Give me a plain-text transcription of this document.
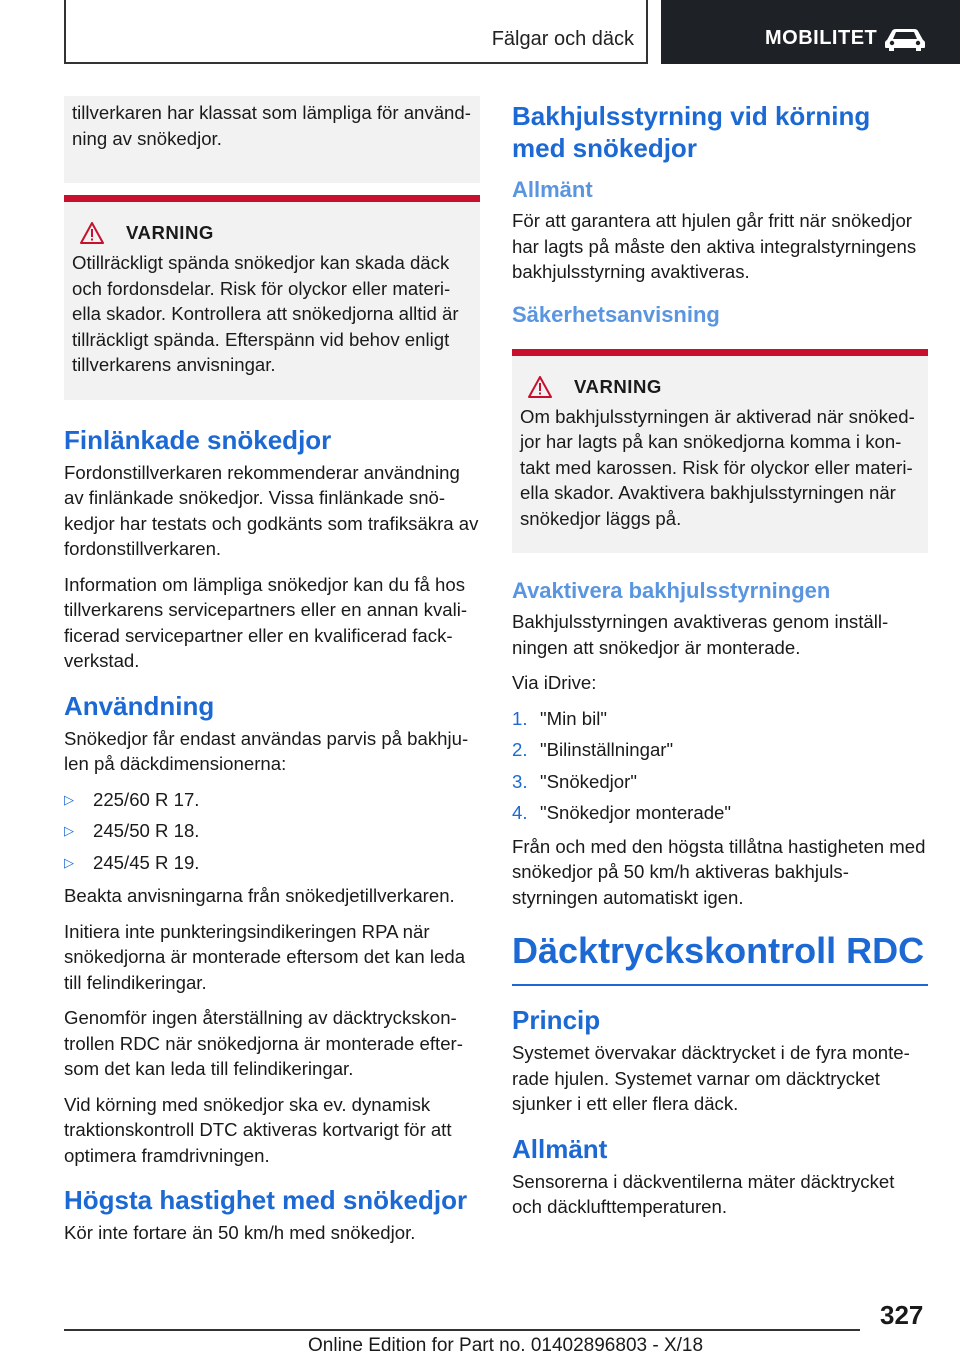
Fälgar och däck	MOBILITET

tillverkaren har klassat som lämpliga för använd-ning av snökedjor.

VARNING

Otillräckligt spända snökedjor kan skada däck och fordonsdelar. Risk för olyckor eller materi-ella skador. Kontrollera att snökedjorna alltid är tillräckligt spända. Efterspänn vid behov enligt tillverkarens anvisningar.

Finlänkade snökedjor

Fordonstillverkaren rekommenderar användning av finlänkade snökedjor. Vissa finlänkade snö-kedjor har testats och godkänts som trafiksäkra av fordonstillverkaren.

Information om lämpliga snökedjor kan du få hos tillverkarens servicepartners eller en annan kvali-ficerad servicepartner eller en kvalificerad fack-verkstad.

Användning

Snökedjor får endast användas parvis på bakhju-len på däckdimensionerna:

▷	225/60 R 17.
▷	245/50 R 18.
▷	245/45 R 19.

Beakta anvisningarna från snökedjetillverkaren.

Initiera inte punkteringsindikeringen RPA när snökedjorna är monterade eftersom det kan leda till felindikeringar.

Genomför ingen återställning av däcktryckskon-trollen RDC när snökedjorna är monterade efter-som det kan leda till felindikeringar.

Vid körning med snökedjor ska ev. dynamisk traktionskontroll DTC aktiveras kortvarigt för att optimera framdrivningen.

Högsta hastighet med snökedjor

Kör inte fortare än 50 km/h med snökedjor.

Bakhjulsstyrning vid körning med snökedjor
Allmänt

För att garantera att hjulen går fritt när snökedjor har lagts på måste den aktiva integralstyrningens bakhjulsstyrning avaktiveras.

Säkerhetsanvisning
VARNING

Om bakhjulsstyrningen är aktiverad när snöked-jor har lagts på kan snökedjorna komma i kon-takt med karossen. Risk för olyckor eller materi-ella skador. Avaktivera bakhjulsstyrningen när snökedjor läggs på.

Avaktivera bakhjulsstyrningen

Bakhjulsstyrningen avaktiveras genom inställ-ningen att snökedjor är monterade.

Via iDrive:

1. "Min bil"
2. "Bilinställningar"
3. "Snökedjor"
4. "Snökedjor monterade"

Från och med den högsta tillåtna hastigheten med snökedjor på 50 km/h aktiveras bakhjuls-styrningen automatiskt igen.

Däcktryckskontroll RDC
Princip

Systemet övervakar däcktrycket i de fyra monte-rade hjulen. Systemet varnar om däcktrycket sjunker i ett eller flera däck.

Allmänt

Sensorerna i däckventilerna mäter däcktrycket och däcklufttemperaturen.

327
Online Edition for Part no. 01402896803 - X/18
